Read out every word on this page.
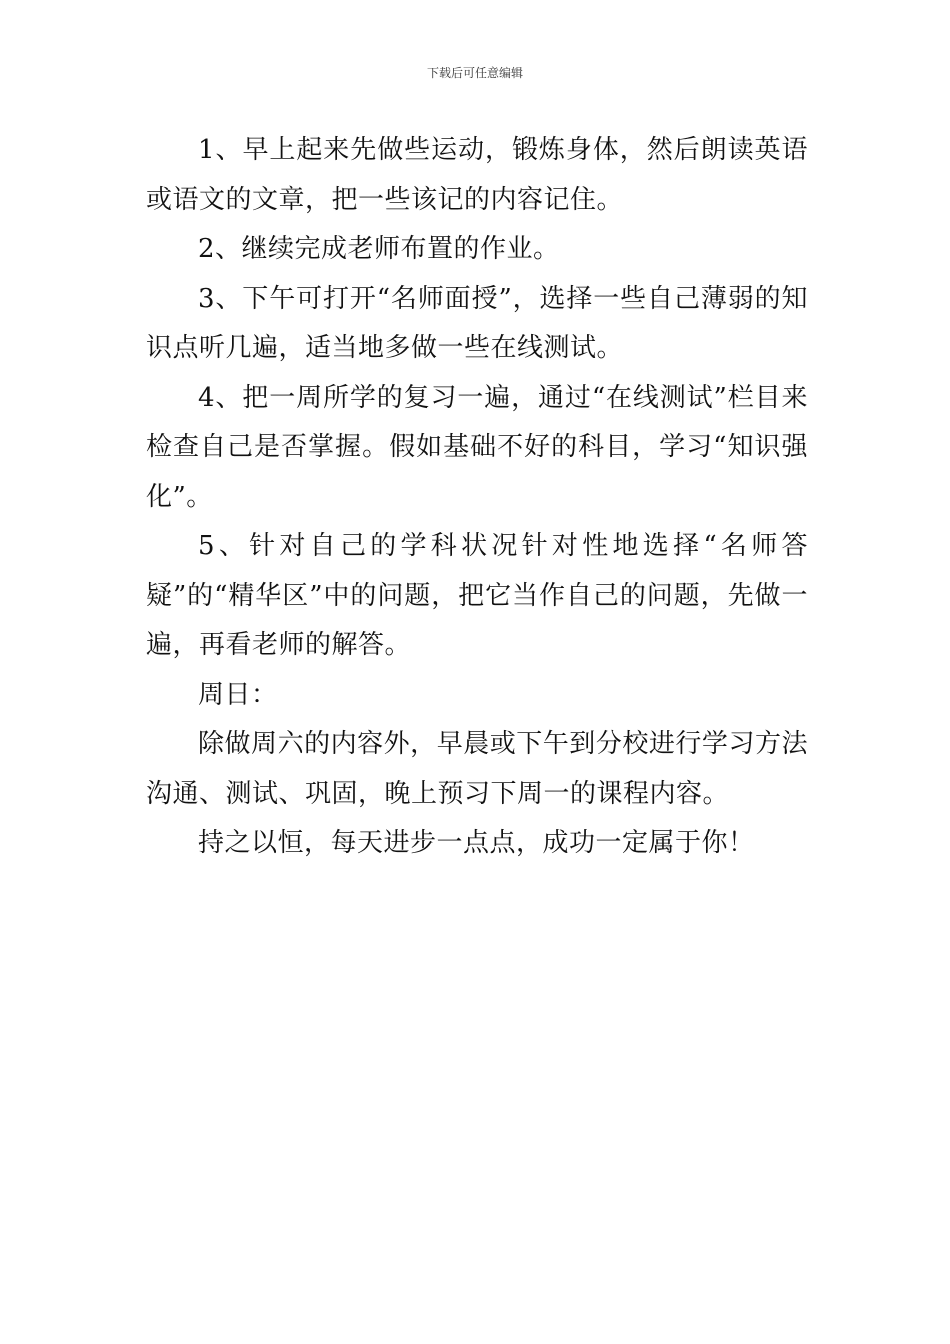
下载后可任意编辑

1、早上起来先做些运动，锻炼身体，然后朗读英语或语文的文章，把一些该记的内容记住。

2、继续完成老师布置的作业。

3、下午可打开“名师面授”，选择一些自己薄弱的知识点听几遍，适当地多做一些在线测试。

4、把一周所学的复习一遍，通过“在线测试”栏目来检查自己是否掌握。假如基础不好的科目，学习“知识强化”。

5、针对自己的学科状况针对性地选择“名师答疑”的“精华区”中的问题，把它当作自己的问题，先做一遍，再看老师的解答。

周日：

除做周六的内容外，早晨或下午到分校进行学习方法沟通、测试、巩固，晚上预习下周一的课程内容。

持之以恒，每天进步一点点，成功一定属于你！
